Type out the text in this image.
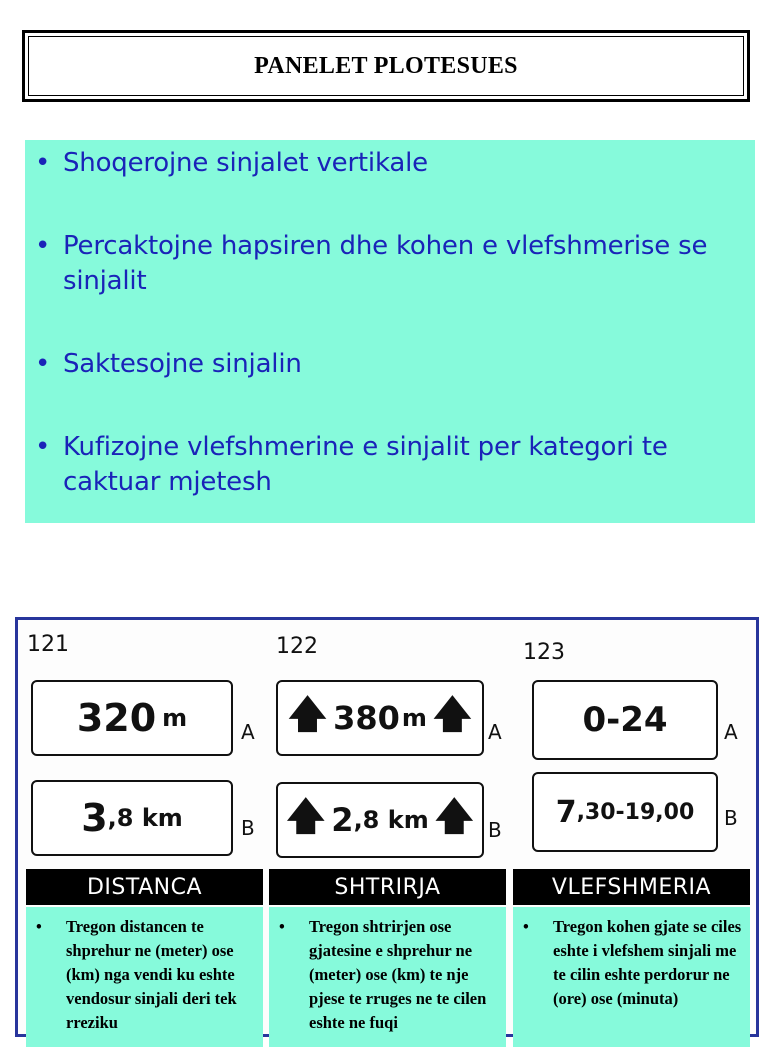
PANELET PLOTESUES
• Shoqerojne sinjalet vertikale
• Percaktojne hapsiren dhe kohen e vlefshmerise se sinjalit
• Saktesojne sinjalin
• Kufizojne vlefshmerine e sinjalit per kategori te caktuar mjetesh
121
320 m	A
3 ,8 km	B
122
🡅 380 m 🡅 A
🡅 2 ,8 km 🡅 B
123
0-24	A
7 ,30-19 ,00 B
DISTANCA	SHTRIRJA	VLEFSHMERIA
• Tregon distancen te shprehur ne (meter) ose (km) nga vendi ku eshte vendosur sinjali deri tek rreziku
• Tregon shtrirjen ose gjatesine e shprehur ne (meter) ose (km) te nje pjese te rruges ne te cilen eshte ne fuqi
• Tregon kohen gjate se ciles eshte i vlefshem sinjali me te cilin eshte perdorur ne (ore) ose (minuta)
